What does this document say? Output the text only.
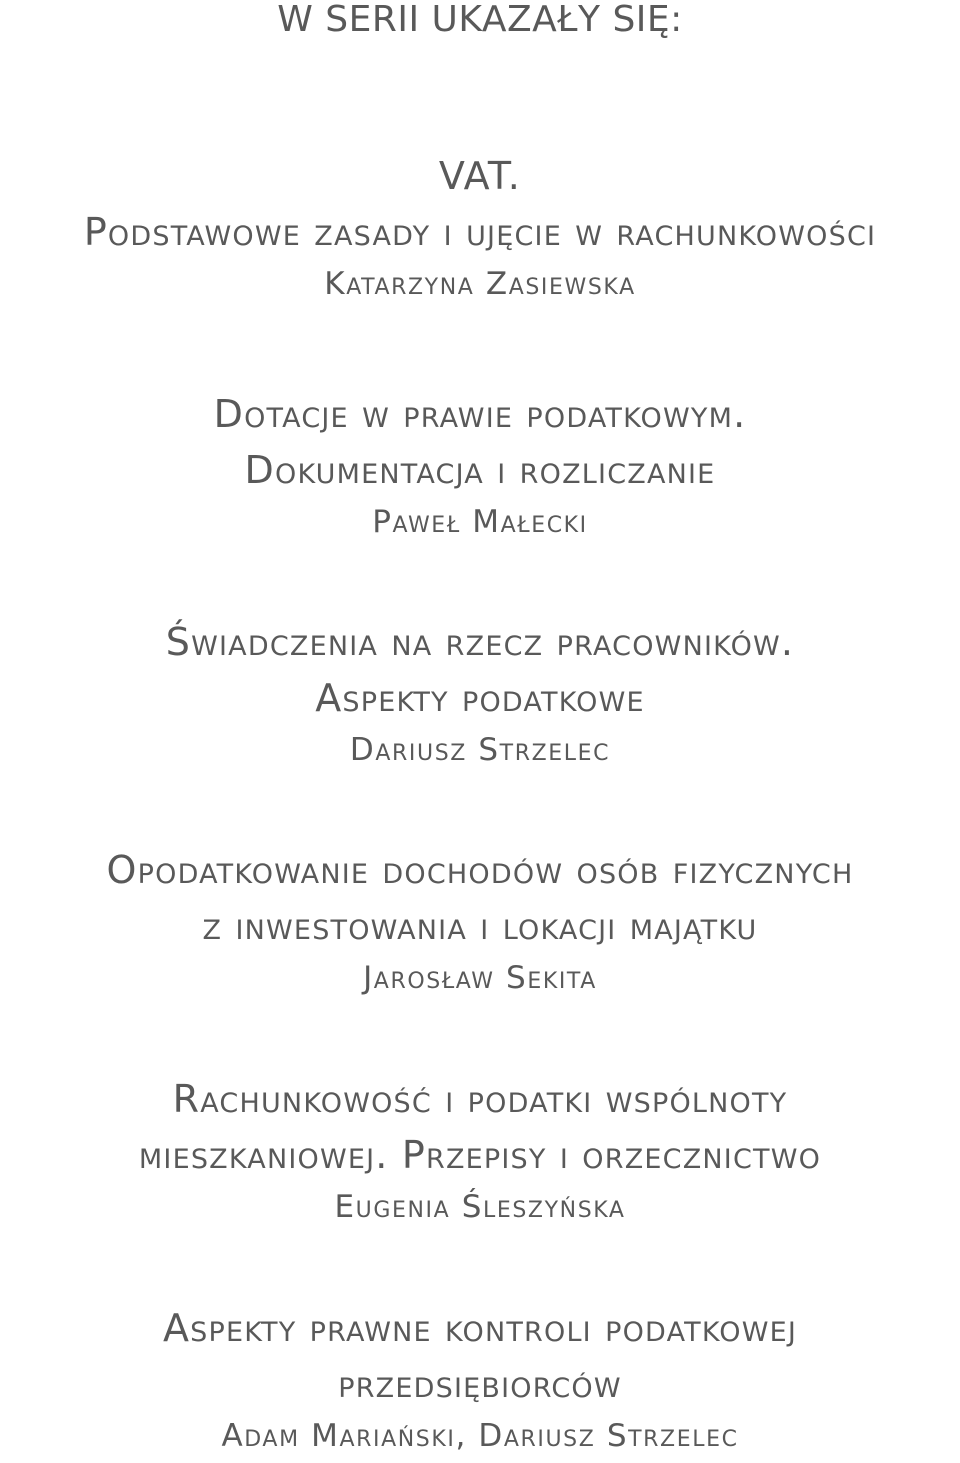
W SERII UKAZAŁY SIĘ:
VAT.
Podstawowe zasady i ujęcie w rachunkowości
Katarzyna Zasiewska
Dotacje w prawie podatkowym.
Dokumentacja i rozliczanie
Paweł Małecki
Świadczenia na rzecz pracowników.
Aspekty podatkowe
Dariusz Strzelec
Opodatkowanie dochodów osób fizycznych
z inwestowania i lokacji majątku
Jarosław Sekita
Rachunkowość i podatki wspólnoty
mieszkaniowej. Przepisy i orzecznictwo
Eugenia Śleszyńska
Aspekty prawne kontroli podatkowej
przedsiębiorców
Adam Mariański, Dariusz Strzelec
